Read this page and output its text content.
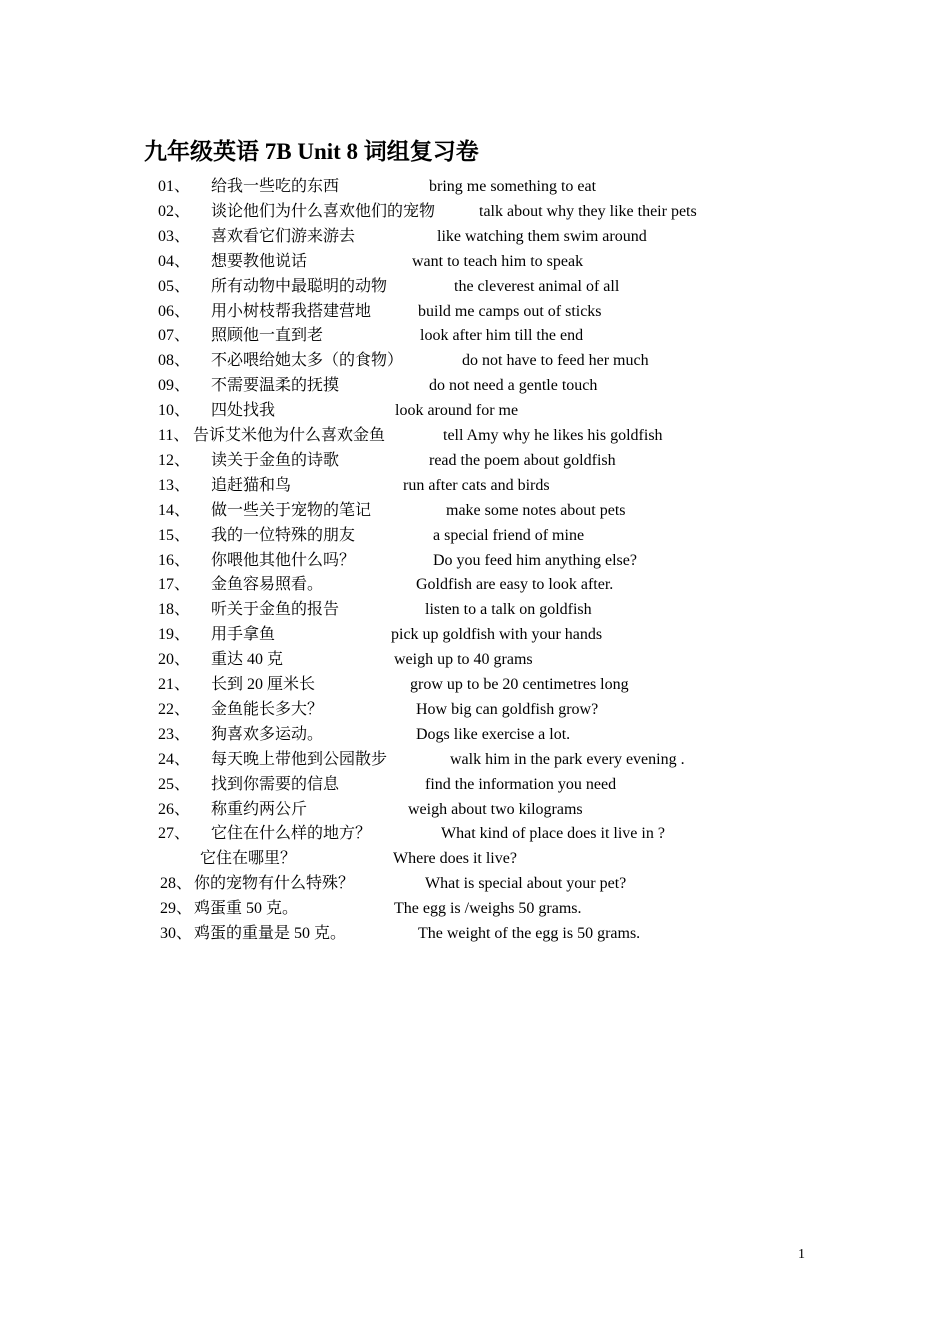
九年级英语 7B Unit 8 词组复习卷
01、 给我一些吃的东西	bring me something to eat
02、 谈论他们为什么喜欢他们的宠物	talk about why they like their pets
03、 喜欢看它们游来游去	like watching them swim around
04、 想要教他说话	want to teach him to speak
05、 所有动物中最聪明的动物	the cleverest animal of all
06、 用小树枝帮我搭建营地	build me camps out of sticks
07、 照顾他一直到老	look after him till the end
08、 不必喂给她太多（的食物）	do not have to feed her much
09、 不需要温柔的抚摸	do not need a gentle touch
10、 四处找我	look around for me
11、 告诉艾米他为什么喜欢金鱼	tell Amy why he likes his goldfish
12、 读关于金鱼的诗歌	read the poem about goldfish
13、 追赶猫和鸟	run after cats and birds
14、 做一些关于宠物的笔记	make some notes about pets
15、 我的一位特殊的朋友	a special friend of mine
16、 你喂他其他什么吗？	Do you feed him anything else?
17、 金鱼容易照看。	Goldfish are easy to look after.
18、 听关于金鱼的报告	listen to a talk on goldfish
19、 用手拿鱼	pick up goldfish with your hands
20、 重达 40 克	weigh up to 40 grams
21、 长到 20 厘米长	grow up to be 20 centimetres long
22、 金鱼能长多大？	How big can goldfish grow?
23、 狗喜欢多运动。	Dogs like exercise a lot.
24、 每天晚上带他到公园散步	walk him in the park every evening .
25、 找到你需要的信息	find the information you need
26、 称重约两公斤	weigh about two kilograms
27、 它住在什么样的地方？	What kind of place does it live in ?
它住在哪里？	Where does it live?
28、 你的宠物有什么特殊？	What is special about your pet?
29、 鸡蛋重 50 克。	The egg is /weighs 50 grams.
30、 鸡蛋的重量是 50 克。	The weight of the egg is 50 grams.
1
